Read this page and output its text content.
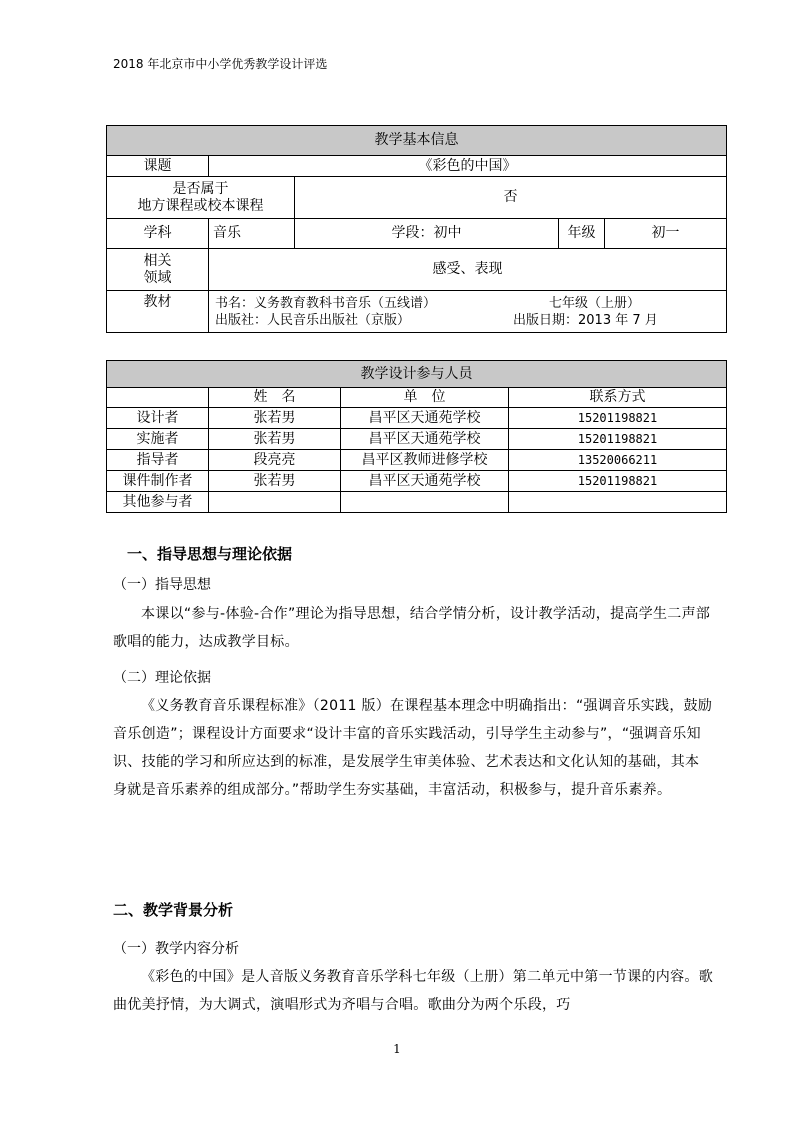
2018 年北京市中小学优秀教学设计评选
教学基本信息				
课题	《彩色的中国》			

是否属于
地方课程或校本课程		否		
学科	音乐	学段：初中	年级	初一

相关
领域	感受、表现			
教材	书名：义务教育教科书音乐（五线谱） 七年级（上册）
出版社：人民音乐出版社（京版） 出版日期：2013 年 7 月			
教学设计参与人员			
	姓　名	单　位	联系方式
设计者	张若男	昌平区天通苑学校	15201198821
实施者	张若男	昌平区天通苑学校	15201198821
指导者	段亮亮	昌平区教师进修学校	13520066211
课件制作者	张若男	昌平区天通苑学校	15201198821
其他参与者			
一、指导思想与理论依据
（一）指导思想
本课以“参与-体验-合作”理论为指导思想，结合学情分析，设计教学活动，提高学生二声部歌唱的能力，达成教学目标。
（二）理论依据
《义务教育音乐课程标准》（2011 版）在课程基本理念中明确指出：“强调音乐实践，鼓励音乐创造”；课程设计方面要求“设计丰富的音乐实践活动，引导学生主动参与”，“强调音乐知识、技能的学习和所应达到的标准，是发展学生审美体验、艺术表达和文化认知的基础，其本身就是音乐素养的组成部分。”帮助学生夯实基础，丰富活动，积极参与，提升音乐素养。
二、教学背景分析
（一）教学内容分析
《彩色的中国》是人音版义务教育音乐学科七年级（上册）第二单元中第一节课的内容。歌曲优美抒情，为大调式，演唱形式为齐唱与合唱。歌曲分为两个乐段，巧
1
